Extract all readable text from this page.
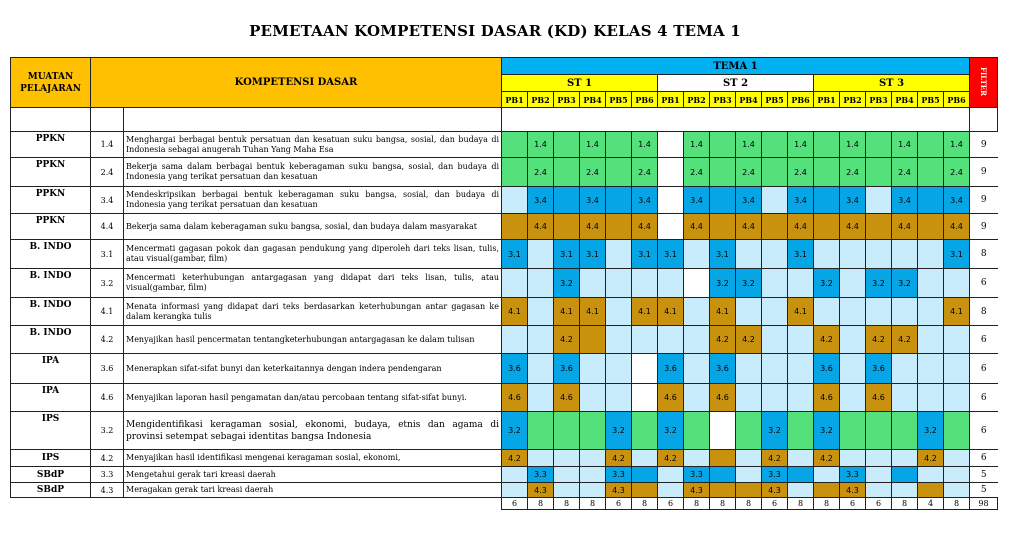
PEMETAAN KOMPETENSI DASAR (KD) KELAS 4 TEMA 1
MUATAN PELAJARAN	KOMPETENSI DASAR		TEMA 1																		FILTER
			ST 1						ST 2						ST 3						
			PB1	PB2	PB3	PB4	PB5	PB6	PB1	PB2	PB3	PB4	PB5	PB6	PB1	PB2	PB3	PB4	PB5	PB6	

PPKN	1.4	Menghargai berbagai bentuk persatuan dan kesatuan suku bangsa, sosial, dan budaya di Indonesia sebagai anugerah Tuhan Yang Maha Esa		1.4		1.4		1.4		1.4		1.4		1.4		1.4		1.4		1.4	9
PPKN	2.4	Bekerja sama dalam berbagai bentuk keberagaman suku bangsa, sosial, dan budaya di Indonesia yang terikat persatuan dan kesatuan		2.4		2.4		2.4		2.4		2.4		2.4		2.4		2.4		2.4	9
PPKN	3.4	Mendeskripsikan berbagai bentuk keberagaman suku bangsa, sosial, dan budaya di Indonesia yang terikat persatuan dan kesatuan		3.4		3.4		3.4		3.4		3.4		3.4		3.4		3.4		3.4	9
PPKN	4.4	Bekerja sama dalam keberagaman suku bangsa, sosial, dan budaya dalam masyarakat		4.4		4.4		4.4		4.4		4.4		4.4		4.4		4.4		4.4	9
B. INDO	3.1	Mencermati gagasan pokok dan gagasan pendukung yang diperoleh dari teks lisan, tulis, atau visual(gambar, film)	3.1		3.1	3.1		3.1	3.1		3.1			3.1						3.1	8
B. INDO	3.2	Mencermati keterhubungan antargagasan yang didapat dari teks lisan, tulis, atau visual(gambar, film)			3.2						3.2	3.2			3.2		3.2	3.2			6
B. INDO	4.1	Menata informasi yang didapat dari teks berdasarkan keterhubungan antar gagasan ke dalam kerangka tulis	4.1		4.1	4.1		4.1	4.1		4.1			4.1						4.1	8
B. INDO	4.2	Menyajikan hasil pencermatan tentangketerhubungan antargagasan ke dalam tulisan			4.2						4.2	4.2			4.2		4.2	4.2			6
IPA	3.6	Menerapkan sifat-sifat bunyi dan keterkaitannya dengan indera pendengaran	3.6		3.6				3.6		3.6				3.6		3.6				6
IPA	4.6	Menyajikan laporan hasil pengamatan dan/atau percobaan tentang sifat-sifat bunyi.	4.6		4.6				4.6		4.6				4.6		4.6				6
IPS	3.2	Mengidentifikasi keragaman sosial, ekonomi, budaya, etnis dan agama di provinsi setempat sebagai identitas bangsa Indonesia	3.2				3.2		3.2				3.2		3.2				3.2		6
IPS	4.2	Menyajikan hasil identifikasi mengenai keragaman sosial, ekonomi,	4.2				4.2		4.2				4.2		4.2				4.2		6
SBdP	3.3	Mengetahui gerak tari kreasi daerah		3.3			3.3			3.3			3.3			3.3					5
SBdP	4.3	Meragakan gerak tari kreasi daerah		4.3			4.3			4.3			4.3			4.3					5
			6	8	8	8	6	8	6	8	8	8	6	8	8	6	6	8	4	8	98
